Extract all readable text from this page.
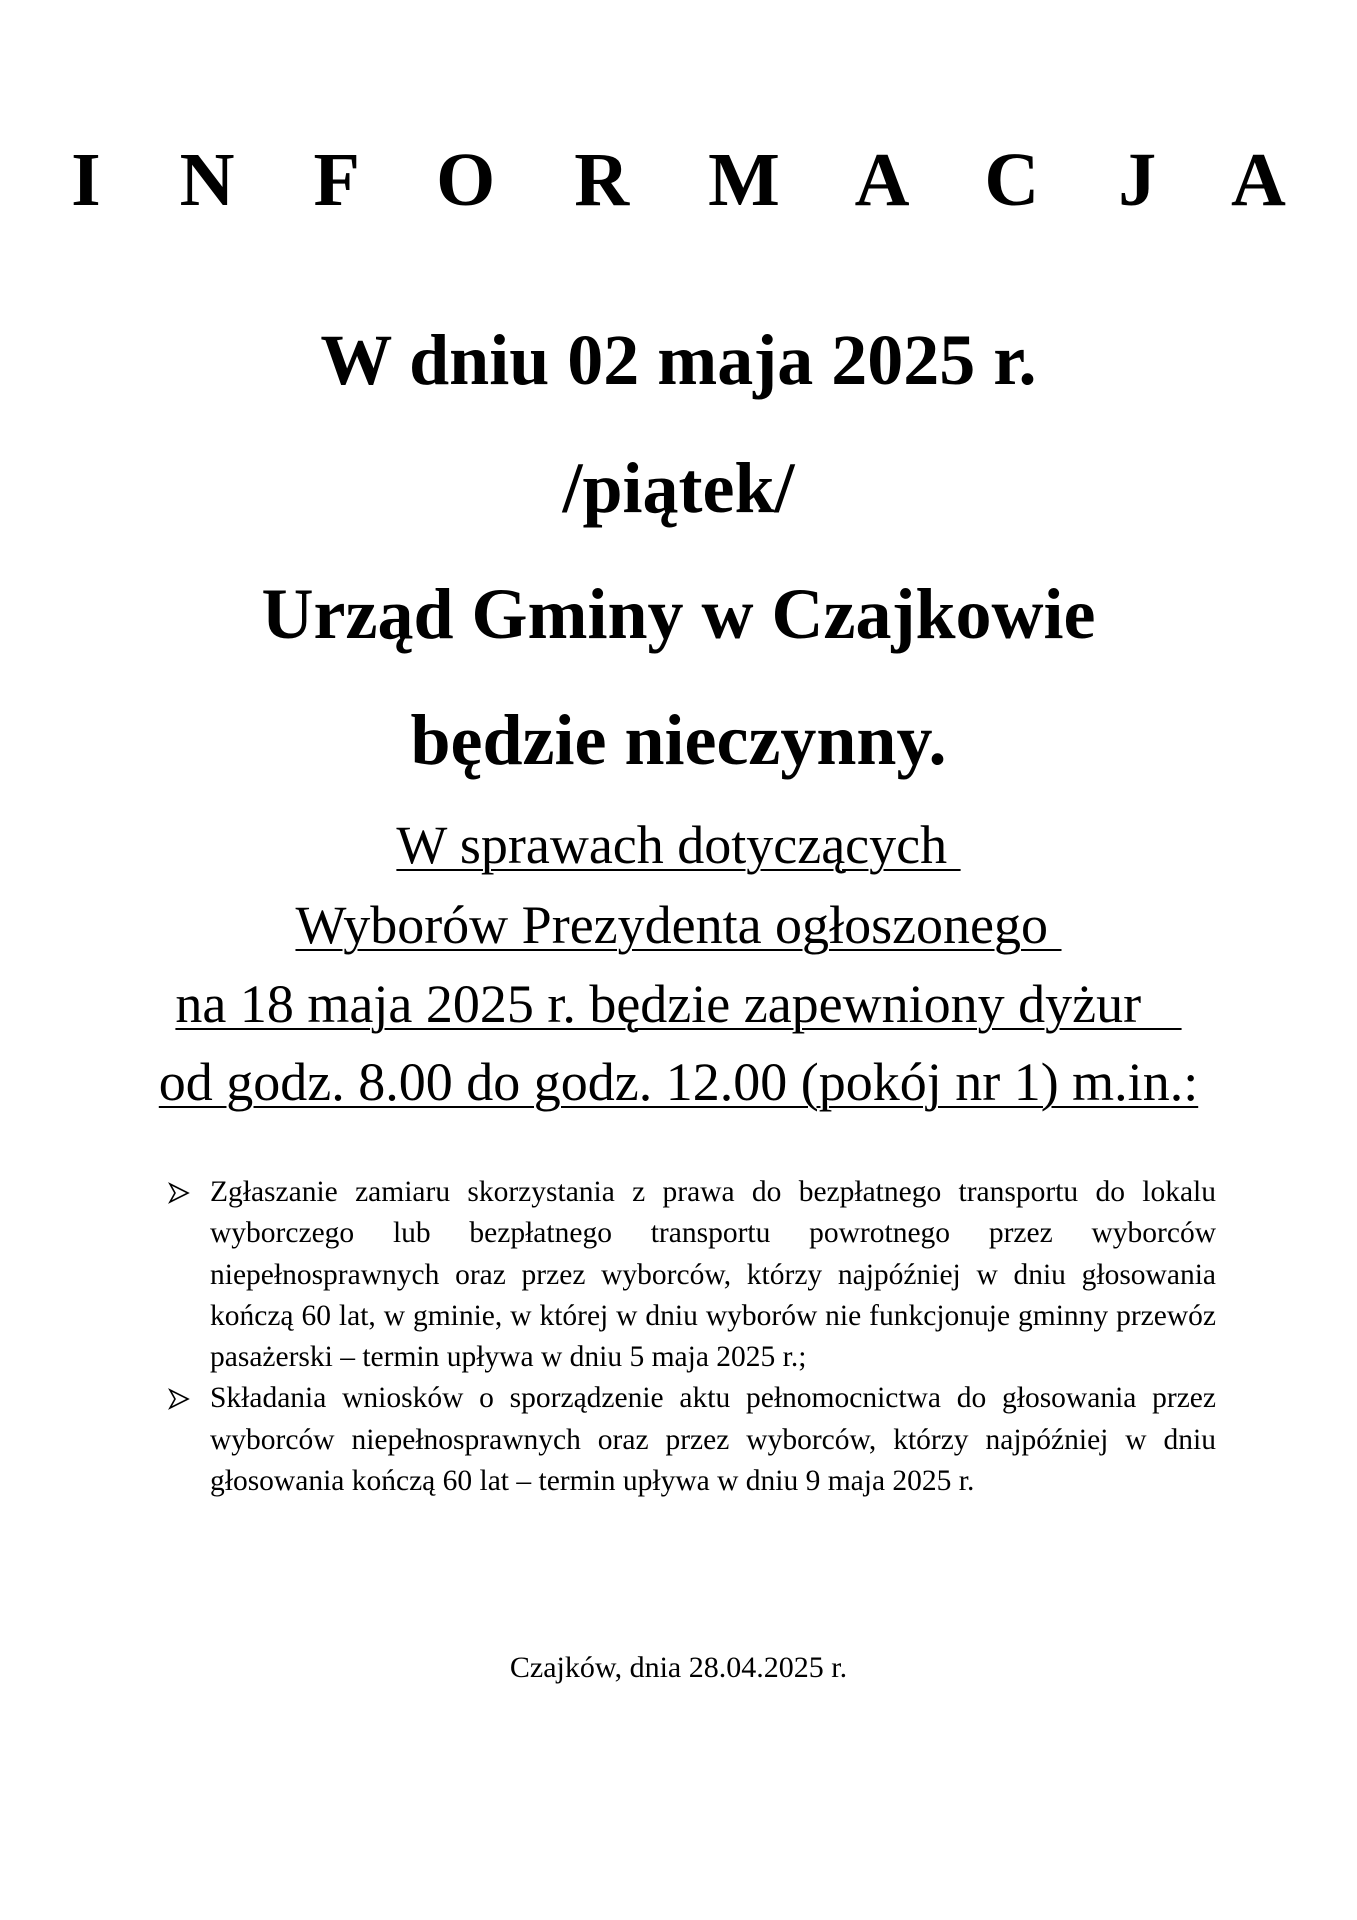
I N F O R M A C J A
W dniu 02 maja 2025 r.
/piątek/
Urząd Gminy w Czajkowie
będzie nieczynny.
W sprawach dotyczących
Wyborów Prezydenta ogłoszonego
na 18 maja 2025 r. będzie zapewniony dyżur
od godz. 8.00 do godz. 12.00 (pokój nr 1) m.in.:
Zgłaszanie zamiaru skorzystania z prawa do bezpłatnego transportu do lokalu wyborczego lub bezpłatnego transportu powrotnego przez wyborców niepełnosprawnych oraz przez wyborców, którzy najpóźniej w dniu głosowania kończą 60 lat, w gminie, w której w dniu wyborów nie funkcjonuje gminny przewóz pasażerski – termin upływa w dniu 5 maja 2025 r.;
Składania wniosków o sporządzenie aktu pełnomocnictwa do głosowania przez wyborców niepełnosprawnych oraz przez wyborców, którzy najpóźniej w dniu głosowania kończą 60 lat – termin upływa w dniu 9 maja 2025 r.
Czajków, dnia 28.04.2025 r.
